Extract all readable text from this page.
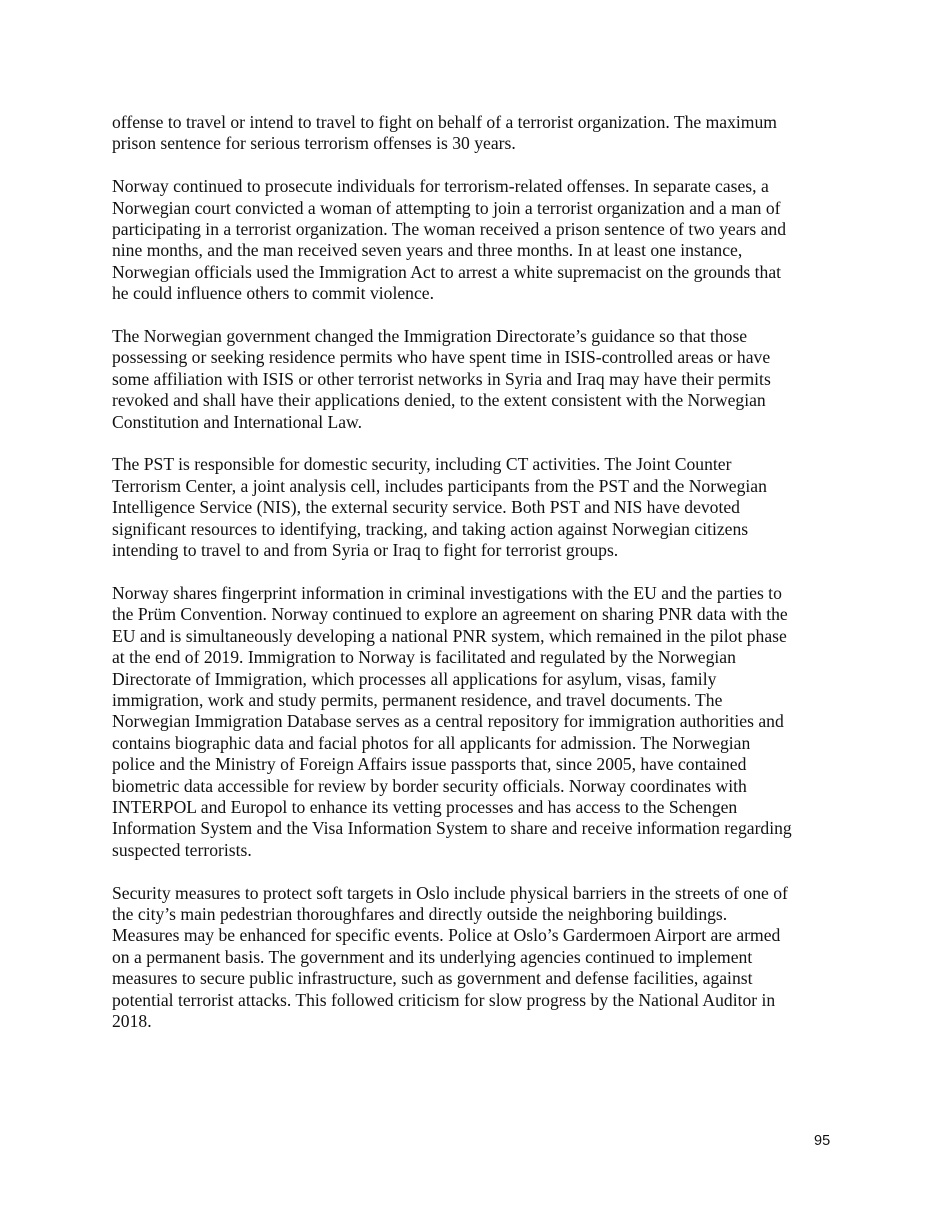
offense to travel or intend to travel to fight on behalf of a terrorist organization. The maximum
prison sentence for serious terrorism offenses is 30 years.

Norway continued to prosecute individuals for terrorism-related offenses. In separate cases, a
Norwegian court convicted a woman of attempting to join a terrorist organization and a man of
participating in a terrorist organization. The woman received a prison sentence of two years and
nine months, and the man received seven years and three months. In at least one instance,
Norwegian officials used the Immigration Act to arrest a white supremacist on the grounds that
he could influence others to commit violence.

The Norwegian government changed the Immigration Directorate’s guidance so that those
possessing or seeking residence permits who have spent time in ISIS-controlled areas or have
some affiliation with ISIS or other terrorist networks in Syria and Iraq may have their permits
revoked and shall have their applications denied, to the extent consistent with the Norwegian
Constitution and International Law.

The PST is responsible for domestic security, including CT activities. The Joint Counter
Terrorism Center, a joint analysis cell, includes participants from the PST and the Norwegian
Intelligence Service (NIS), the external security service. Both PST and NIS have devoted
significant resources to identifying, tracking, and taking action against Norwegian citizens
intending to travel to and from Syria or Iraq to fight for terrorist groups.

Norway shares fingerprint information in criminal investigations with the EU and the parties to
the Prüm Convention. Norway continued to explore an agreement on sharing PNR data with the
EU and is simultaneously developing a national PNR system, which remained in the pilot phase
at the end of 2019. Immigration to Norway is facilitated and regulated by the Norwegian
Directorate of Immigration, which processes all applications for asylum, visas, family
immigration, work and study permits, permanent residence, and travel documents. The
Norwegian Immigration Database serves as a central repository for immigration authorities and
contains biographic data and facial photos for all applicants for admission. The Norwegian
police and the Ministry of Foreign Affairs issue passports that, since 2005, have contained
biometric data accessible for review by border security officials. Norway coordinates with
INTERPOL and Europol to enhance its vetting processes and has access to the Schengen
Information System and the Visa Information System to share and receive information regarding
suspected terrorists.

Security measures to protect soft targets in Oslo include physical barriers in the streets of one of
the city’s main pedestrian thoroughfares and directly outside the neighboring buildings.
Measures may be enhanced for specific events. Police at Oslo’s Gardermoen Airport are armed
on a permanent basis. The government and its underlying agencies continued to implement
measures to secure public infrastructure, such as government and defense facilities, against
potential terrorist attacks. This followed criticism for slow progress by the National Auditor in
2018.

95
